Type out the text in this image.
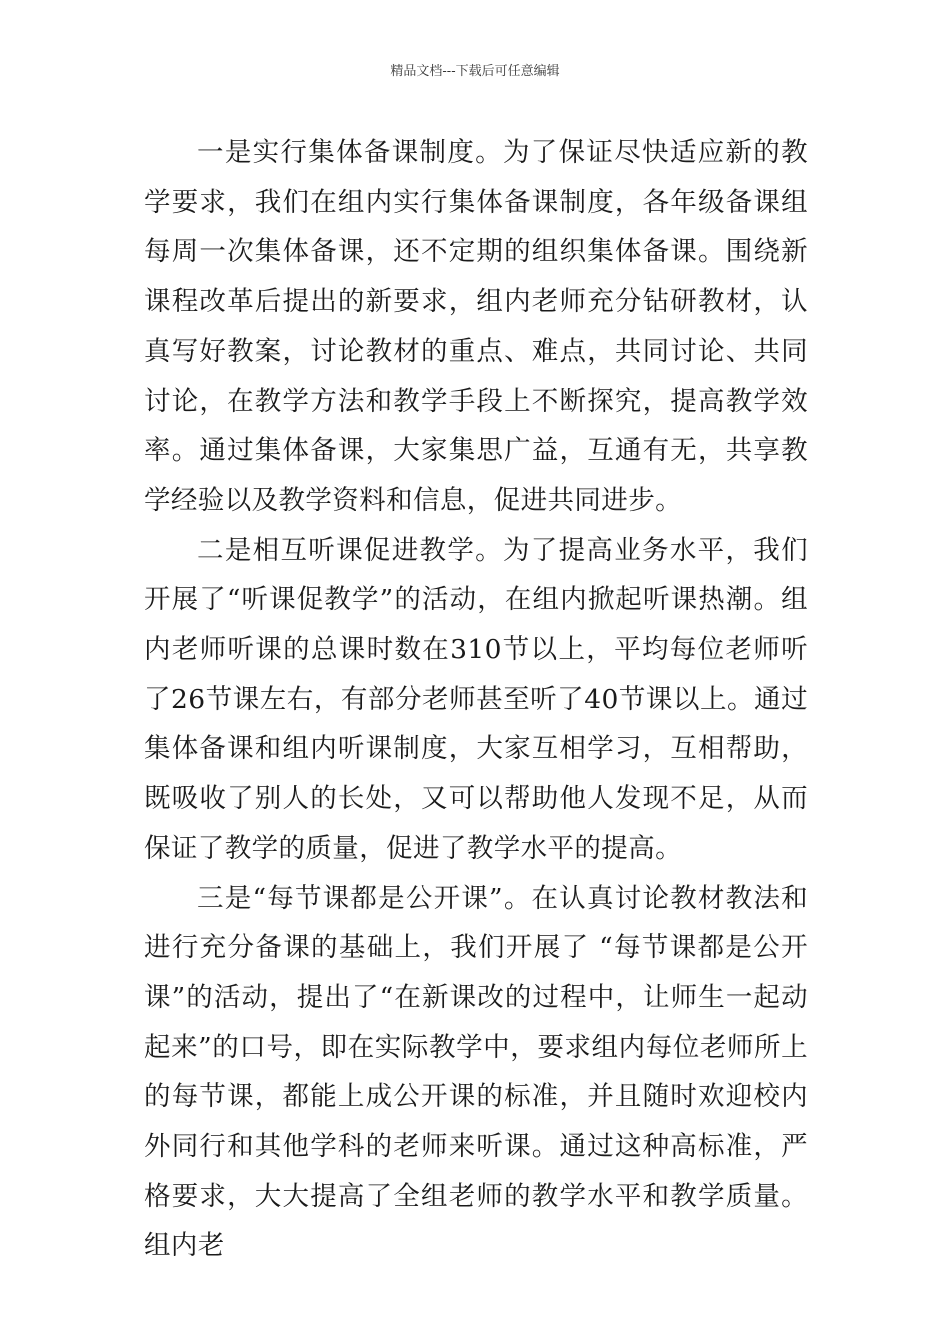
精品文档---下载后可任意编辑

一是实行集体备课制度。为了保证尽快适应新的教学要求，我们在组内实行集体备课制度，各年级备课组每周一次集体备课，还不定期的组织集体备课。围绕新课程改革后提出的新要求，组内老师充分钻研教材，认真写好教案，讨论教材的重点、难点，共同讨论、共同讨论，在教学方法和教学手段上不断探究，提高教学效率。通过集体备课，大家集思广益，互通有无，共享教学经验以及教学资料和信息，促进共同进步。

二是相互听课促进教学。为了提高业务水平，我们开展了“听课促教学”的活动，在组内掀起听课热潮。组内老师听课的总课时数在310节以上，平均每位老师听了26节课左右，有部分老师甚至听了40节课以上。通过集体备课和组内听课制度，大家互相学习，互相帮助，既吸收了别人的长处，又可以帮助他人发现不足，从而保证了教学的质量，促进了教学水平的提高。

三是“每节课都是公开课”。在认真讨论教材教法和进行充分备课的基础上，我们开展了 “每节课都是公开课”的活动，提出了“在新课改的过程中，让师生一起动起来”的口号，即在实际教学中，要求组内每位老师所上的每节课，都能上成公开课的标准，并且随时欢迎校内外同行和其他学科的老师来听课。通过这种高标准，严格要求，大大提高了全组老师的教学水平和教学质量。组内老
